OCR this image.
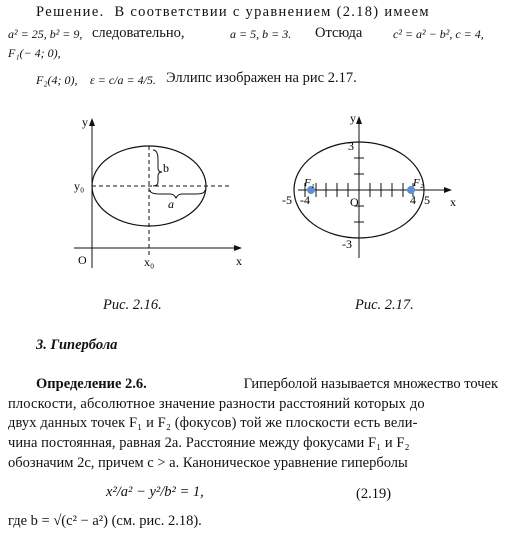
Решение. В соответствии с уравнением (2.18) имеем
a² = 25, b² = 9, следовательно,	a = 5, b = 3. Отсюда	c² = a² − b², c = 4,
F₁(− 4; 0),
F₂(4; 0), ε = c/a = 4/5. Эллипс изображен на рис 2.17.
y
x
O
y₀
x₀
b
a
Рис. 2.16.
y
x
O
3
-3
-5 -4	4 5
F₁	F₂
Рис. 2.17.
3. Гипербола
Определение 2.6.	Гиперболой называется множество точек
плоскости, абсолютное значение разности расстояний которых до
двух данных точек F₁ и F₂ (фокусов) той же плоскости есть вели-
чина постоянная, равная 2a. Расстояние между фокусами F₁ и F₂
обозначим 2c, причем c > a. Каноническое уравнение гиперболы
x²/a² − y²/b² = 1,	(2.19)
где b = √(c² − a²) (см. рис. 2.18).
